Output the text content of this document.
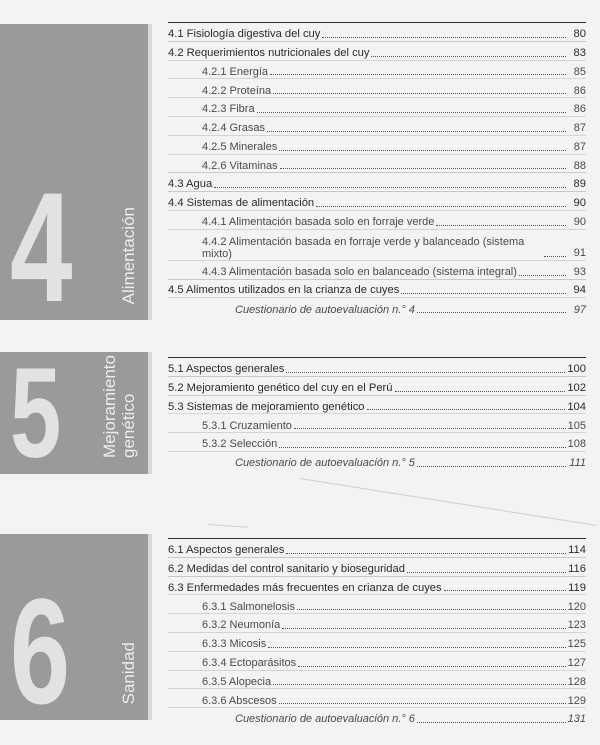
4	Alimentación
4.1 Fisiología digestiva del cuy	80
4.2 Requerimientos nutricionales del cuy	83
4.2.1 Energía	85
4.2.2 Proteína	86
4.2.3 Fibra	86
4.2.4 Grasas	87
4.2.5 Minerales	87
4.2.6 Vitaminas	88
4.3 Agua	89
4.4 Sistemas de alimentación	90
4.4.1 Alimentación basada solo en forraje verde	90
4.4.2 Alimentación basada en forraje verde y balanceado (sistema mixto)	91
4.4.3 Alimentación basada solo en balanceado (sistema integral)	93
4.5 Alimentos utilizados en la crianza de cuyes	94
Cuestionario de autoevaluación n.° 4	97
5 Mejoramiento genético
5.1 Aspectos generales	100
5.2 Mejoramiento genético del cuy en el Perú	102
5.3 Sistemas de mejoramiento genético	104
5.3.1 Cruzamiento	105
5.3.2 Selección	108
Cuestionario de autoevaluación n.° 5	111
6	Sanidad
6.1 Aspectos generales	114
6.2 Medidas del control sanitario y bioseguridad	116
6.3 Enfermedades más frecuentes en crianza de cuyes	119
6.3.1 Salmonelosis	120
6.3.2 Neumonía	123
6.3.3 Micosis	125
6.3.4 Ectoparásitos	127
6.3.5 Alopecia	128
6.3.6 Abscesos	129
Cuestionario de autoevaluación n.° 6	131
